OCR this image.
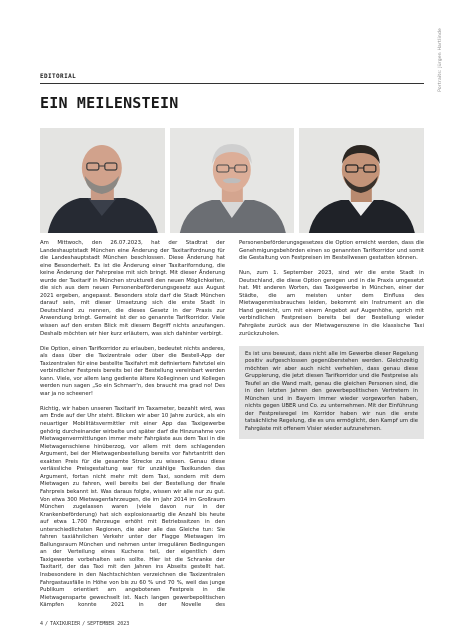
Portraits: Jürgen Hartlinde
EDITORIAL
EIN MEILENSTEIN

Am Mittwoch, den 26.07.2023, hat der Stadtrat der Landeshauptstadt München eine Änderung der Taxitarifordnung für die Landeshauptstadt München beschlossen. Diese Änderung hat eine Besonderheit. Es ist die Änderung einer Taxitariforndung, die keine Änderung der Fahrpreise mit sich bringt. Mit dieser Änderung wurde der Taxitarif in München strukturell den neuen Möglichkeiten, die sich aus dem neuen Personenbeförderungsgesetz aus August 2021 ergeben, angepasst. Besonders stolz darf die Stadt München darauf sein, mit dieser Umsetzung sich die erste Stadt in Deutschland zu nennen, die dieses Gesetz in der Praxis zur Anwendung bringt. Gemeint ist der so genannte Tarifkorridor. Viele wissen auf den ersten Blick mit diesem Begriff nichts anzufangen. Deshalb möchten wir hier kurz erläutern, was sich dahinter verbirgt.

Die Option, einen Tarifkorridor zu erlauben, bedeutet nichts anderes, als dass über die Taxizentrale oder über die Bestell-App der Taxizentralen für eine bestellte Taxifahrt mit definiertem Fahrtziel ein verbindlicher Festpreis bereits bei der Bestellung vereinbart werden kann. Viele, vor allem lang gediente ältere Kolleginnen und Kollegen werden nun sagen „So ein Schmarr'n, des braucht ma grad no! Des war ja no scheener!

Richtig, wir haben unseren Taxitarif im Taxameter, bezahlt wird, was am Ende auf der Uhr steht. Blicken wir aber 10 Jahre zurück, als ein neuartiger Mobilitätsvermittler mit einer App das Taxigewerbe gehörig durcheinander wirbelte und später darf die Hinzunahme von Mietwagenvermittlungen immer mehr Fahrgäste aus dem Taxi in die Mietwagenschiene hinüberzog, vor allem mit dem schlagenden Argument, bei der Mietwagenbestellung bereits vor Fahrtantritt den exakten Preis für die gesamte Strecke zu wissen. Genau diese verlässliche Preisgestaltung war für unzählige Taxikunden das Argument, fortan nicht mehr mit dem Taxi, sondern mit dem Mietwagen zu fahren, weil bereits bei der Bestellung der finale Fahrpreis bekannt ist. Was daraus folgte, wissen wir alle nur zu gut. Von etwa 300 Mietwagenfahrzeugen, die im Jahr 2014 im Großraum München zugelassen waren (viele davon nur in der Krankenbeförderung) hat sich explosionsartig die Anzahl bis heute auf etwa 1.700 Fahrzeuge erhöht mit Betriebssitzen in den unterschiedlichsten Regionen, die aber alle das Gleiche tun: Sie fahren taxiähnlichen Verkehr unter der Flagge Mietwagen im Ballungsraum München und nehmen unter irregulären Bedingungen an der Verteilung eines Kuchens teil, der eigentlich dem Taxigewerbe vorbehalten sein sollte. Hier ist die Schranke der Taxitarif, der das Taxi mit den Jahren ins Abseits gestellt hat. Insbesondere in den Nachtschichten verzeichnen die Taxizentralen Fahrgastausfälle in Höhe von bis zu 60 % und 70 %, weil das junge Publikum orientiert am angebotenen Festpreis in die Mietwagensparte gewechselt ist. Nach langen gewerbepolitischen Kämpfen konnte 2021 in der Novelle des Personenbeförderungsgesetzes die Option erreicht werden, dass die Genehmigungsbehörden einen so genannten Tarifkorridor und somit die Gestaltung von Festpreisen im Bestellwesen gestatten können.

Nun, zum 1. September 2023, sind wir die erste Stadt in Deutschland, die diese Option geregen und in die Praxis umgesetzt hat. Mit anderen Worten, das Taxigewerbe in München, einer der Städte, die am meisten unter dem Einfluss des Mietwagenmissbrauches leiden, bekommt ein Instrument an die Hand gereicht, um mit einem Angebot auf Augenhöhe, sprich mit verbindlichen Festpreisen bereits bei der Bestellung wieder Fahrgäste zurück aus der Mietwagenszene in die klassische Taxi zurückzuholen.

Es ist uns bewusst, dass nicht alle im Gewerbe dieser Regelung positiv aufgeschlossen gegenüberstehen werden. Gleichzeitig möchten wir aber auch nicht verhehlen, dass genau diese Gruppierung, die jetzt diesen Tarifkorridor und die Festpreise als Teufel an die Wand malt, genau die gleichen Personen sind, die in den letzten Jahren den gewerbepolitischen Vertretern in München und in Bayern immer wieder vorgeworfen haben, nichts gegen UBER und Co. zu unternehmen. Mit der Einführung der Festpreisregel im Korridor haben wir nun die erste tatsächliche Regelung, die es uns ermöglicht, den Kampf um die Fahrgäste mit offenem Visier wieder aufzunehmen.

4 / TAXIKURIER / SEPTEMBER 2023
